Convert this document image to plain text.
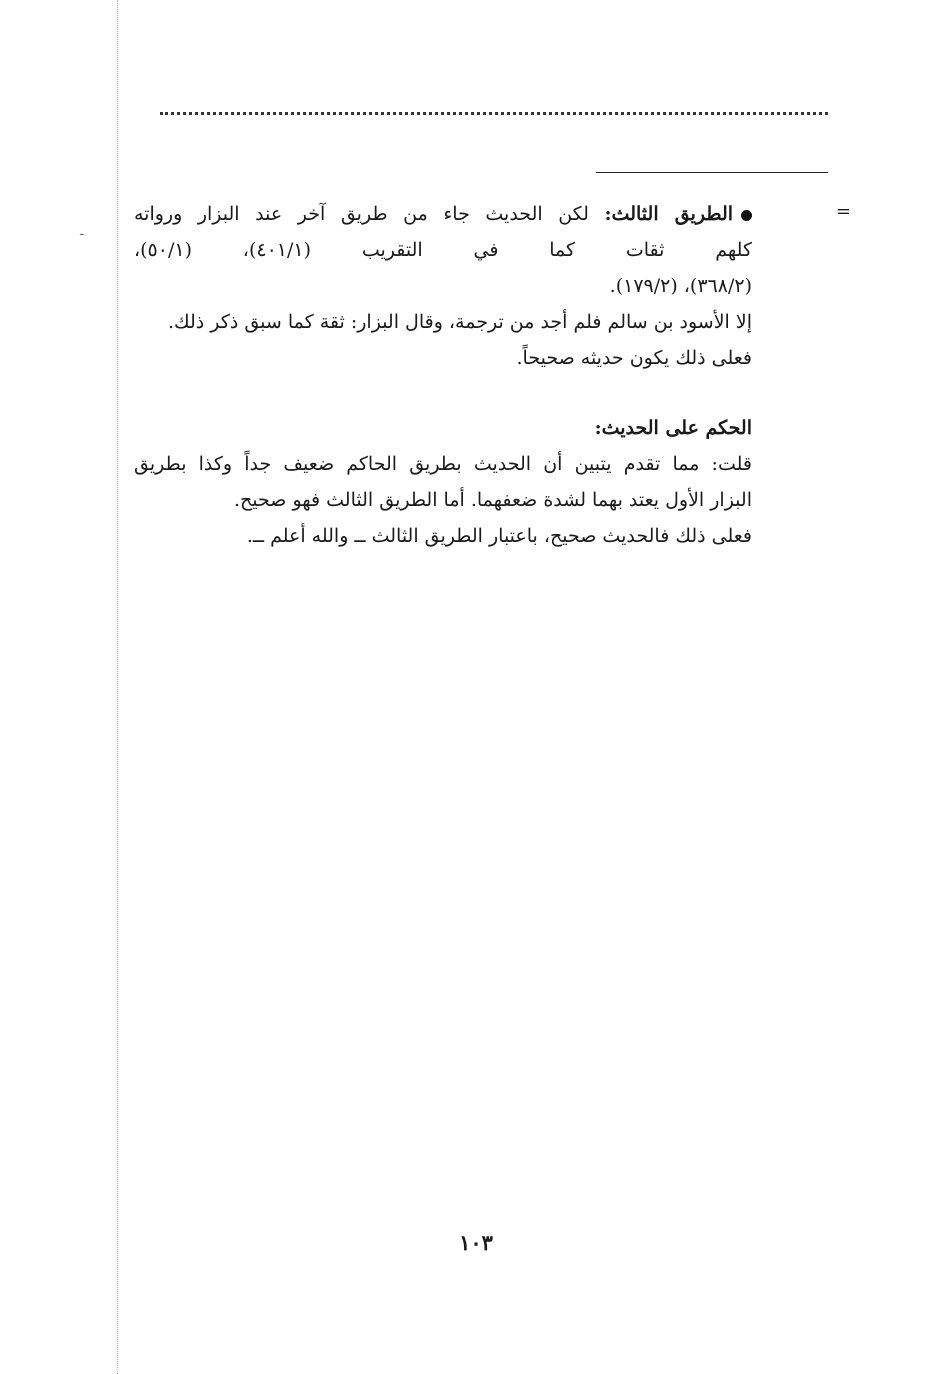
=
ـ

الطريق الثالث: لكن الحديث جاء من طريق آخر عند البزار ورواته

كلهم ثقات كما في التقريب (٤٠١/١)، (٥٠/١)،

(٣٦٨/٢)، (١٧٩/٢).

إلا الأسود بن سالم فلم أجد من ترجمة، وقال البزار: ثقة كما سبق ذكر ذلك.

فعلى ذلك يكون حديثه صحيحاً.

الحكم على الحديث:

قلت: مما تقدم يتبين أن الحديث بطريق الحاكم ضعيف جداً وكذا بطريق

البزار الأول يعتد بهما لشدة ضعفهما. أما الطريق الثالث فهو صحيح.

فعلى ذلك فالحديث صحيح، باعتبار الطريق الثالث ــ والله أعلم ــ.

١٠٣
